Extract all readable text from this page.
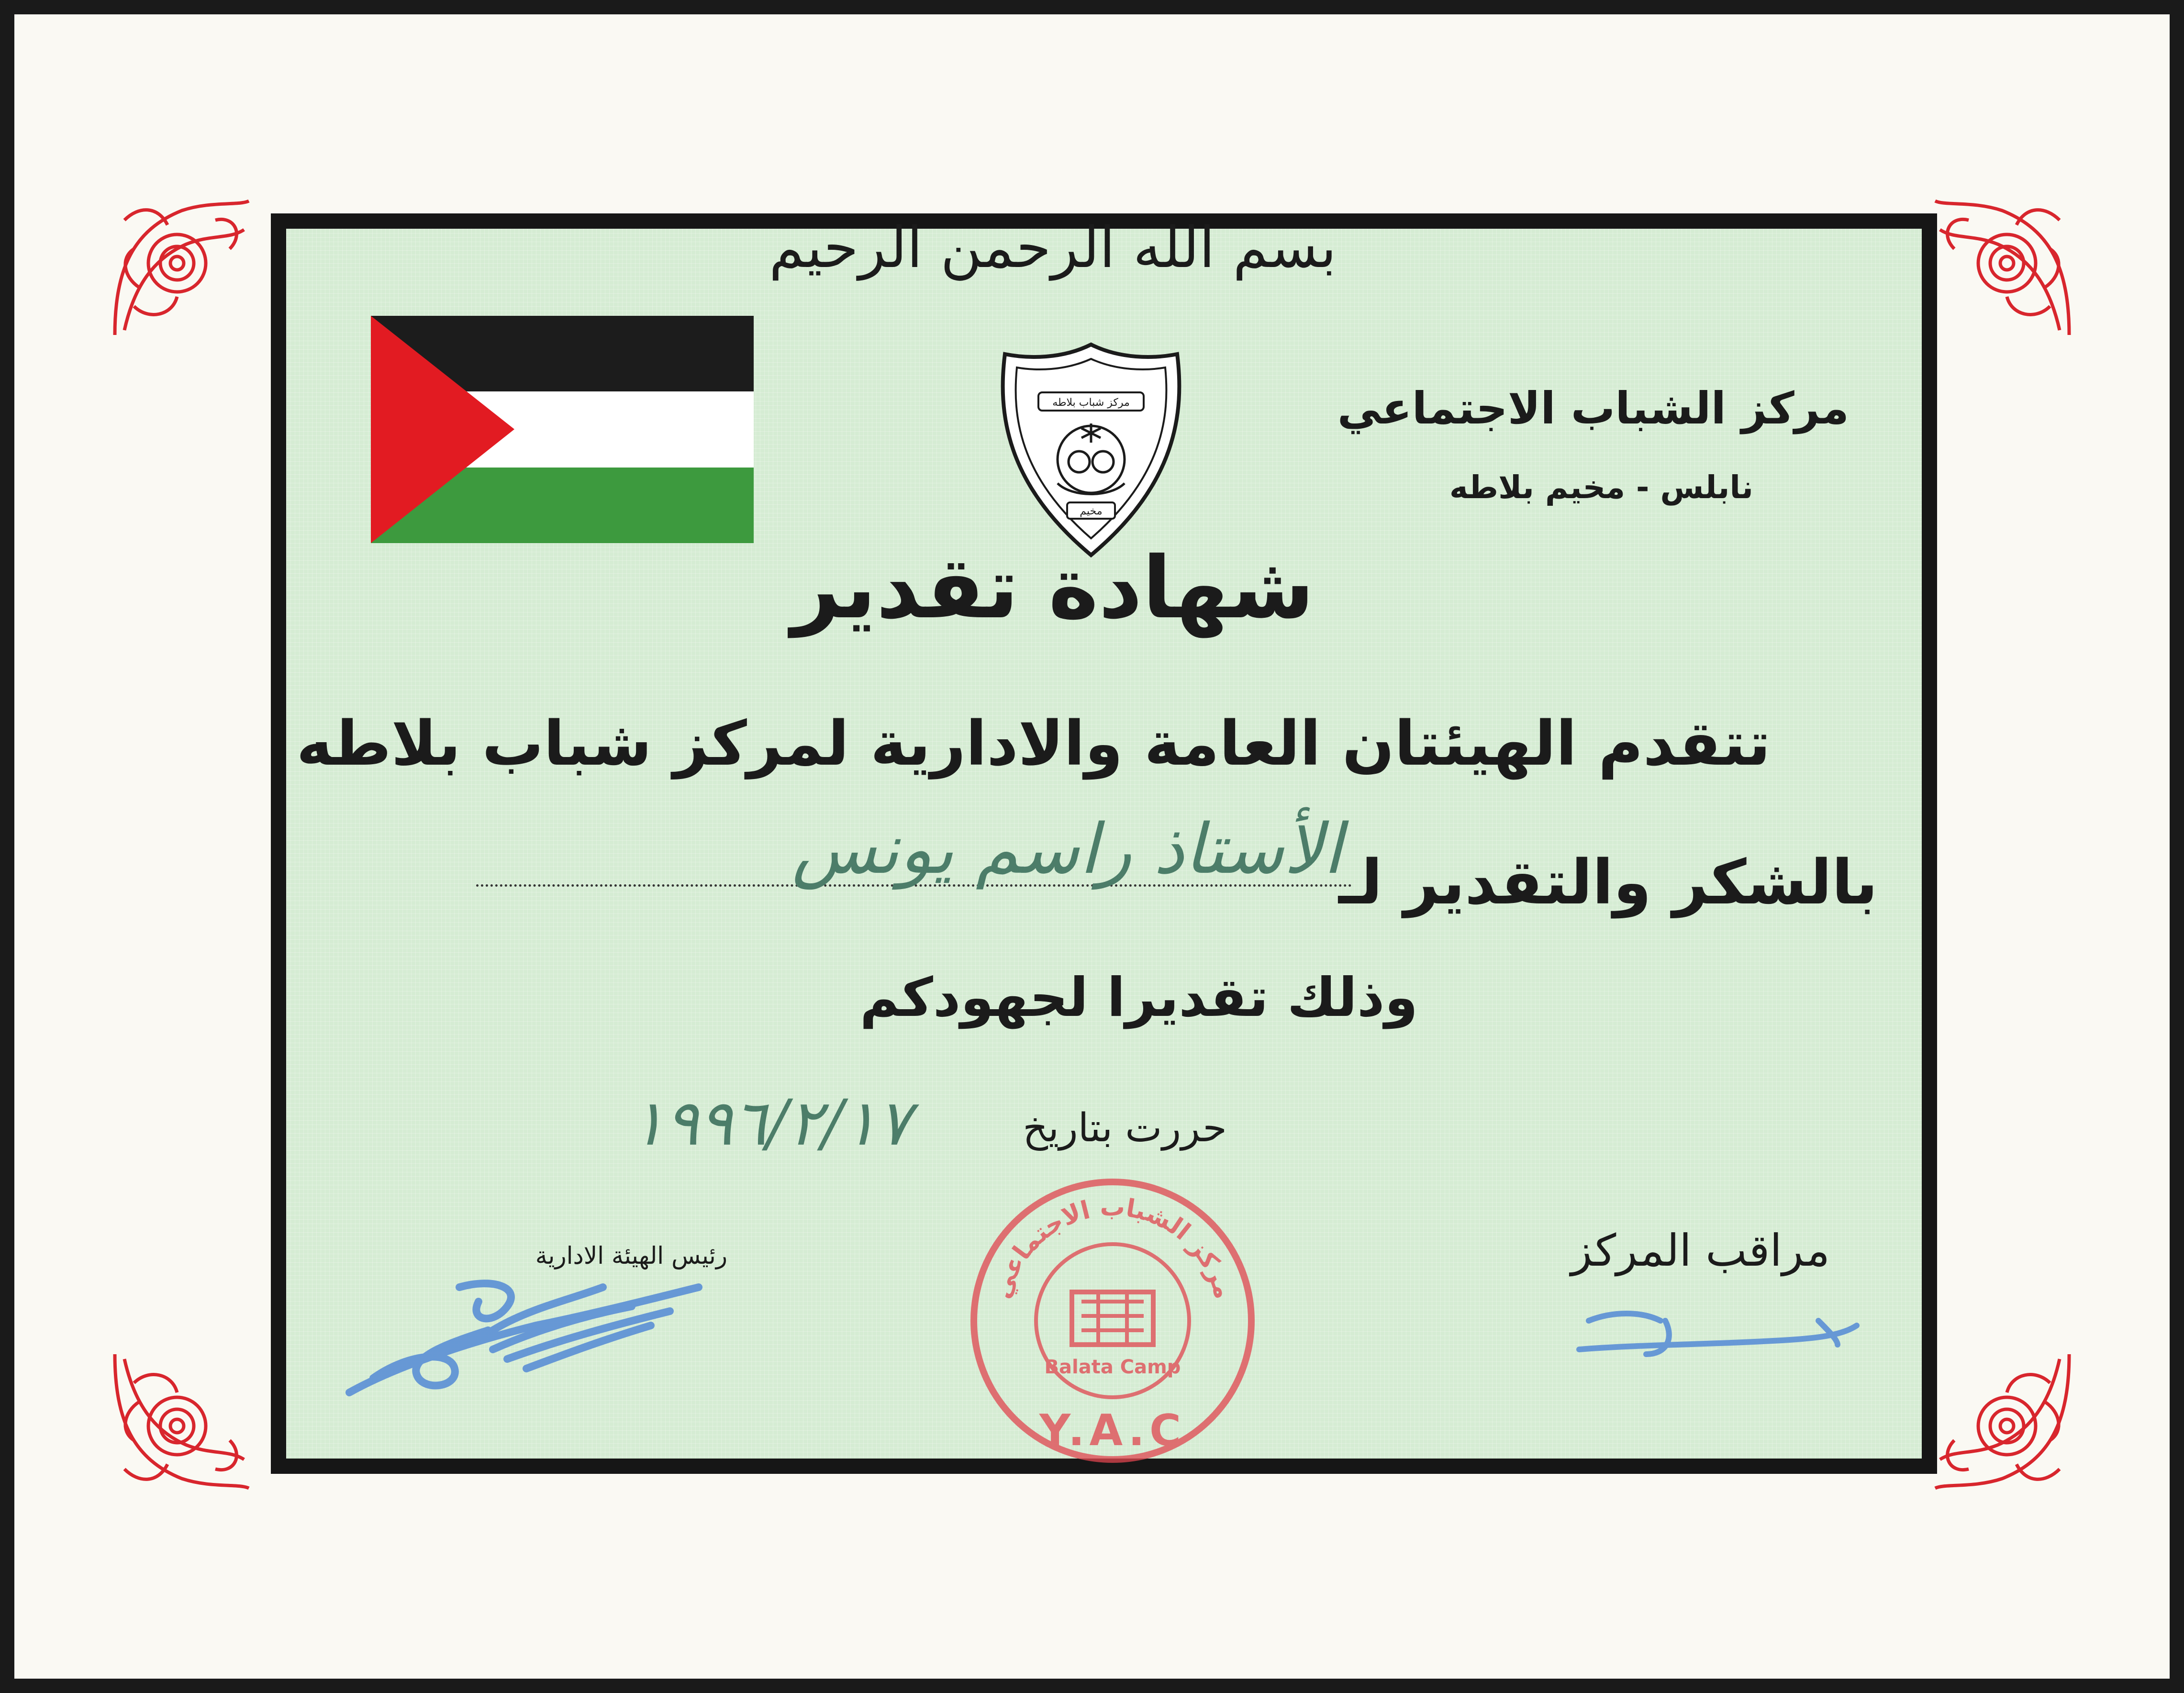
مركز شباب بلاطه
مخيم
بسم الله الرحمن الرحيم
مركز الشباب الاجتماعي
نابلس - مخيم بلاطه
شهادة تقدير
تتقدم الهيئتان العامة والادارية لمركز شباب بلاطه
بالشكر والتقدير لـ
الأستاذ راسم يونس
وذلك تقديرا لجهودكم
حررت بتاريخ
١٩٩٦/٢/١٧
مراقب المركز
رئيس الهيئة الادارية
مركز الشباب الاجتماعي
Balata Camp
Y.A.C
